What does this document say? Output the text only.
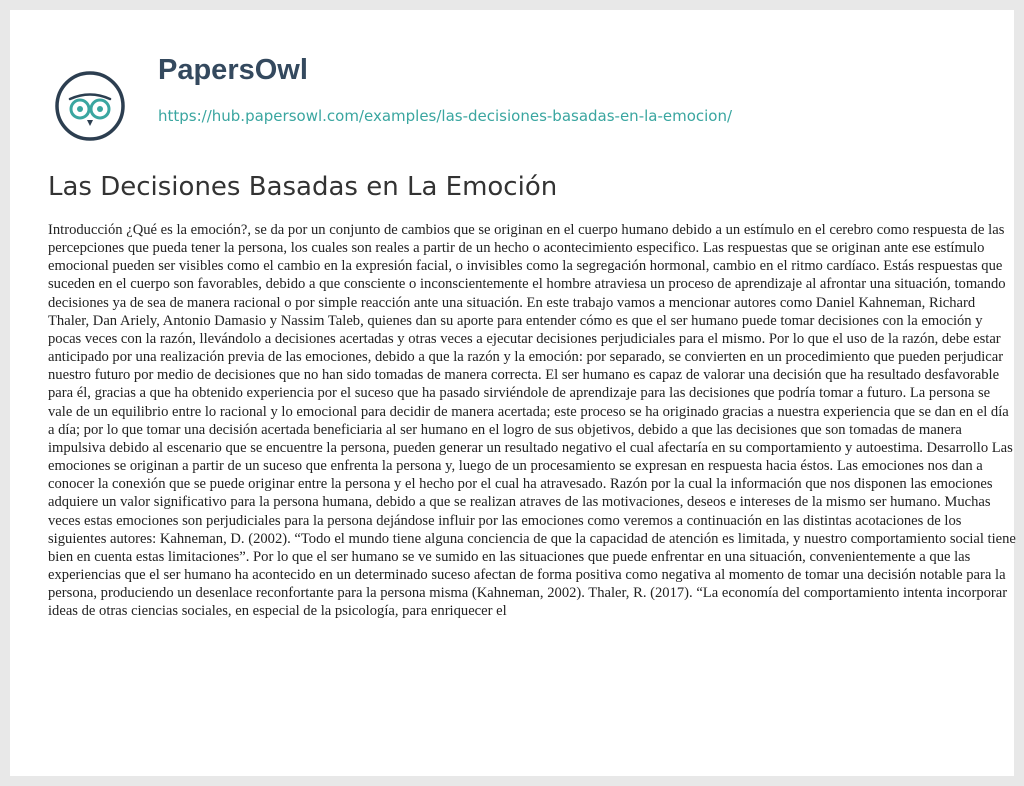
PapersOwl
https://hub.papersowl.com/examples/las-decisiones-basadas-en-la-emocion/
Las Decisiones Basadas en La Emoción

Introducción ¿Qué es la emoción?, se da por un conjunto de cambios que se originan en el cuerpo humano debido a un estímulo en el cerebro como respuesta de las percepciones que pueda tener la persona, los cuales son reales a partir de un hecho o acontecimiento especifico. Las respuestas que se originan ante ese estímulo emocional pueden ser visibles como el cambio en la expresión facial, o invisibles como la segregación hormonal, cambio en el ritmo cardíaco. Estás respuestas que suceden en el cuerpo son favorables, debido a que consciente o inconscientemente el hombre atraviesa un proceso de aprendizaje al afrontar una situación, tomando decisiones ya de sea de manera racional o por simple reacción ante una situación. En este trabajo vamos a mencionar autores como Daniel Kahneman, Richard Thaler, Dan Ariely, Antonio Damasio y Nassim Taleb, quienes dan su aporte para entender cómo es que el ser humano puede tomar decisiones con la emoción y pocas veces con la razón, llevándolo a decisiones acertadas y otras veces a ejecutar decisiones perjudiciales para el mismo. Por lo que el uso de la razón, debe estar anticipado por una realización previa de las emociones, debido a que la razón y la emoción: por separado, se convierten en un procedimiento que pueden perjudicar nuestro futuro por medio de decisiones que no han sido tomadas de manera correcta. El ser humano es capaz de valorar una decisión que ha resultado desfavorable para él, gracias a que ha obtenido experiencia por el suceso que ha pasado sirviéndole de aprendizaje para las decisiones que podría tomar a futuro. La persona se vale de un equilibrio entre lo racional y lo emocional para decidir de manera acertada; este proceso se ha originado gracias a nuestra experiencia que se dan en el día a día; por lo que tomar una decisión acertada beneficiaria al ser humano en el logro de sus objetivos, debido a que las decisiones que son tomadas de manera impulsiva debido al escenario que se encuentre la persona, pueden generar un resultado negativo el cual afectaría en su comportamiento y autoestima. Desarrollo Las emociones se originan a partir de un suceso que enfrenta la persona y, luego de un procesamiento se expresan en respuesta hacia éstos. Las emociones nos dan a conocer la conexión que se puede originar entre la persona y el hecho por el cual ha atravesado. Razón por la cual la información que nos disponen las emociones adquiere un valor significativo para la persona humana, debido a que se realizan atraves de las motivaciones, deseos e intereses de la mismo ser humano. Muchas veces estas emociones son perjudiciales para la persona dejándose influir por las emociones como veremos a continuación en las distintas acotaciones de los siguientes autores: Kahneman, D. (2002). “Todo el mundo tiene alguna conciencia de que la capacidad de atención es limitada, y nuestro comportamiento social tiene bien en cuenta estas limitaciones”. Por lo que el ser humano se ve sumido en las situaciones que puede enfrentar en una situación, convenientemente a que las experiencias que el ser humano ha acontecido en un determinado suceso afectan de forma positiva como negativa al momento de tomar una decisión notable para la persona, produciendo un desenlace reconfortante para la persona misma (Kahneman, 2002). Thaler, R. (2017). “La economía del comportamiento intenta incorporar ideas de otras ciencias sociales, en especial de la psicología, para enriquecer el
